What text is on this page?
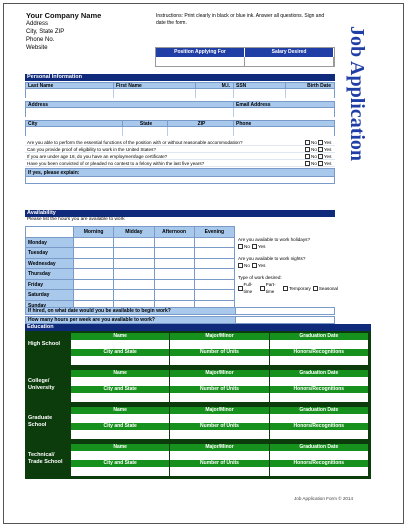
Your Company Name
Address
City, State ZIP
Phone No.
Website
Instructions: Print clearly in black or blue ink. Answer all questions. Sign and date the form.
Position Applying For	Salary Desired	Job Application
Personal Information
Last Name	First Name	M.I.	SSN	Birth Date
Address	Email Address
City	State	ZIP	Phone
Are you able to perform the essential functions of the position with or without reasonable accommodation?	No Yes
Can you provide proof of eligibility to work in the United States?	No Yes
If you are under age 18, do you have an employment/age certificate?	No Yes
Have you been convicted of or pleaded no contest to a felony within the last five years?	No Yes
If yes, please explain:
Availability
Please list the hours you are available to work
Morning	Midday	Afternoon	Evening
Monday
Tuesday
Wednesday
Thursday
Friday
Saturday
Sunday
Are you available to work holidays?
No Yes
Are you available to work nights?
No Yes
Type of work desired:
Full-time
Part-time
Temporary Seasonal
If hired, on what date would you be available to begin work?
How many hours per week are you available to work?
Education
High School
Name	Major/Minor	Graduation Date
City and State	Number of Units	Honors/Recognitions
College/ University
Name	Major/Minor	Graduation Date
City and State	Number of Units	Honors/Recognitions
Graduate School
Name	Major/Minor	Graduation Date
City and State	Number of Units	Honors/Recognitions
Technical/ Trade School
Name	Major/Minor	Graduation Date
City and State	Number of Units	Honors/Recognitions
Job Application Form © 2014
